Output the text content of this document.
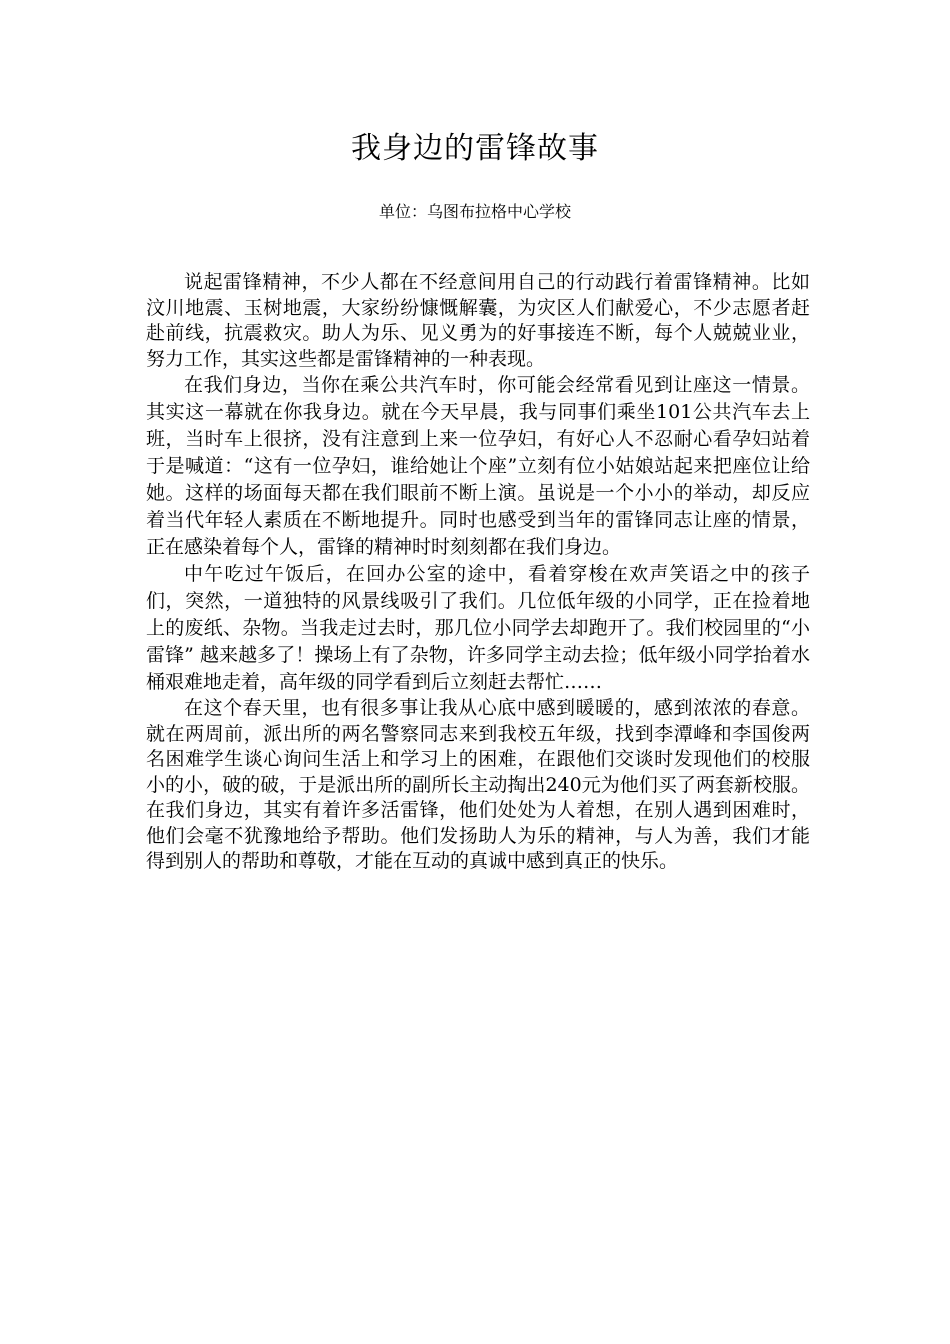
我身边的雷锋故事
单位：乌图布拉格中心学校

说起雷锋精神，不少人都在不经意间用自己的行动践行着雷锋精神。比如汶川地震、玉树地震，大家纷纷慷慨解囊，为灾区人们献爱心，不少志愿者赶赴前线，抗震救灾。助人为乐、见义勇为的好事接连不断，每个人兢兢业业，努力工作，其实这些都是雷锋精神的一种表现。

在我们身边，当你在乘公共汽车时，你可能会经常看见到让座这一情景。其实这一幕就在你我身边。就在今天早晨，我与同事们乘坐101公共汽车去上班，当时车上很挤，没有注意到上来一位孕妇，有好心人不忍耐心看孕妇站着于是喊道：“这有一位孕妇，谁给她让个座”立刻有位小姑娘站起来把座位让给她。这样的场面每天都在我们眼前不断上演。虽说是一个小小的举动，却反应着当代年轻人素质在不断地提升。同时也感受到当年的雷锋同志让座的情景，正在感染着每个人，雷锋的精神时时刻刻都在我们身边。

中午吃过午饭后，在回办公室的途中，看着穿梭在欢声笑语之中的孩子们，突然，一道独特的风景线吸引了我们。几位低年级的小同学，正在捡着地上的废纸、杂物。当我走过去时，那几位小同学去却跑开了。我们校园里的“小雷锋” 越来越多了！操场上有了杂物，许多同学主动去捡；低年级小同学抬着水桶艰难地走着，高年级的同学看到后立刻赶去帮忙……

在这个春天里，也有很多事让我从心底中感到暖暖的，感到浓浓的春意。就在两周前，派出所的两名警察同志来到我校五年级，找到李潭峰和李国俊两名困难学生谈心询问生活上和学习上的困难，在跟他们交谈时发现他们的校服小的小，破的破，于是派出所的副所长主动掏出240元为他们买了两套新校服。在我们身边，其实有着许多活雷锋，他们处处为人着想，在别人遇到困难时，他们会毫不犹豫地给予帮助。他们发扬助人为乐的精神，与人为善，我们才能得到别人的帮助和尊敬，才能在互动的真诚中感到真正的快乐。
